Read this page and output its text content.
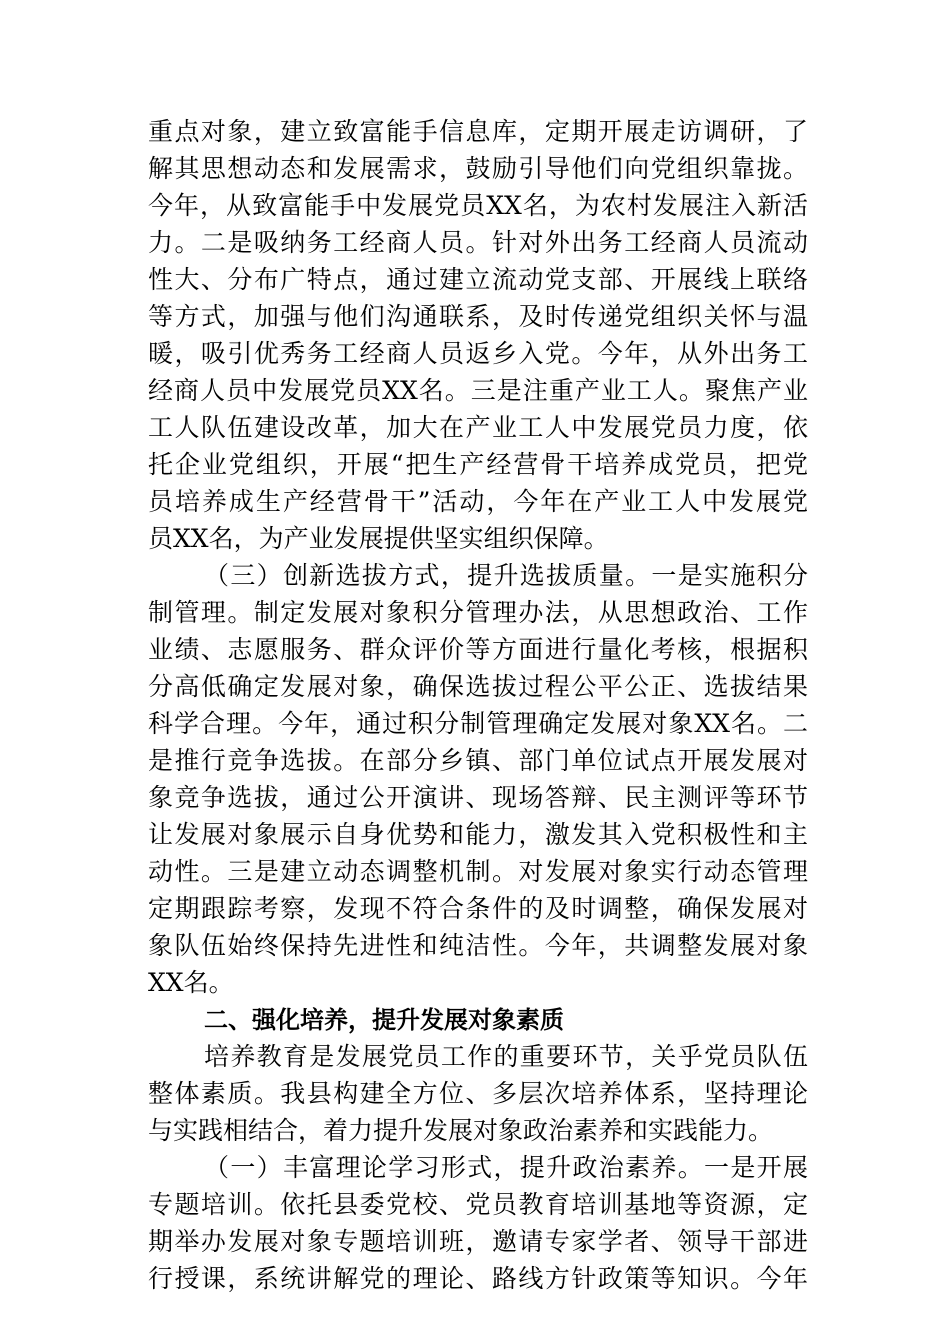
重点对象，建立致富能手信息库，定期开展走访调研，了
解其思想动态和发展需求，鼓励引导他们向党组织靠拢。
今年，从致富能手中发展党员XX名，为农村发展注入新活
力。二是吸纳务工经商人员。针对外出务工经商人员流动
性大、分布广特点，通过建立流动党支部、开展线上联络
等方式，加强与他们沟通联系，及时传递党组织关怀与温
暖，吸引优秀务工经商人员返乡入党。今年，从外出务工
经商人员中发展党员XX名。三是注重产业工人。聚焦产业
工人队伍建设改革，加大在产业工人中发展党员力度，依
托企业党组织，开展“把生产经营骨干培养成党员，把党
员培养成生产经营骨干”活动，今年在产业工人中发展党
员XX名，为产业发展提供坚实组织保障。
（三）创新选拔方式，提升选拔质量。一是实施积分
制管理。制定发展对象积分管理办法，从思想政治、工作
业绩、志愿服务、群众评价等方面进行量化考核，根据积
分高低确定发展对象，确保选拔过程公平公正、选拔结果
科学合理。今年，通过积分制管理确定发展对象XX名。二
是推行竞争选拔。在部分乡镇、部门单位试点开展发展对
象竞争选拔，通过公开演讲、现场答辩、民主测评等环节
让发展对象展示自身优势和能力，激发其入党积极性和主
动性。三是建立动态调整机制。对发展对象实行动态管理
定期跟踪考察，发现不符合条件的及时调整，确保发展对
象队伍始终保持先进性和纯洁性。今年，共调整发展对象
XX名。
二、强化培养，提升发展对象素质
培养教育是发展党员工作的重要环节，关乎党员队伍
整体素质。我县构建全方位、多层次培养体系，坚持理论
与实践相结合，着力提升发展对象政治素养和实践能力。
（一）丰富理论学习形式，提升政治素养。一是开展
专题培训。依托县委党校、党员教育培训基地等资源，定
期举办发展对象专题培训班，邀请专家学者、领导干部进
行授课，系统讲解党的理论、路线方针政策等知识。今年
